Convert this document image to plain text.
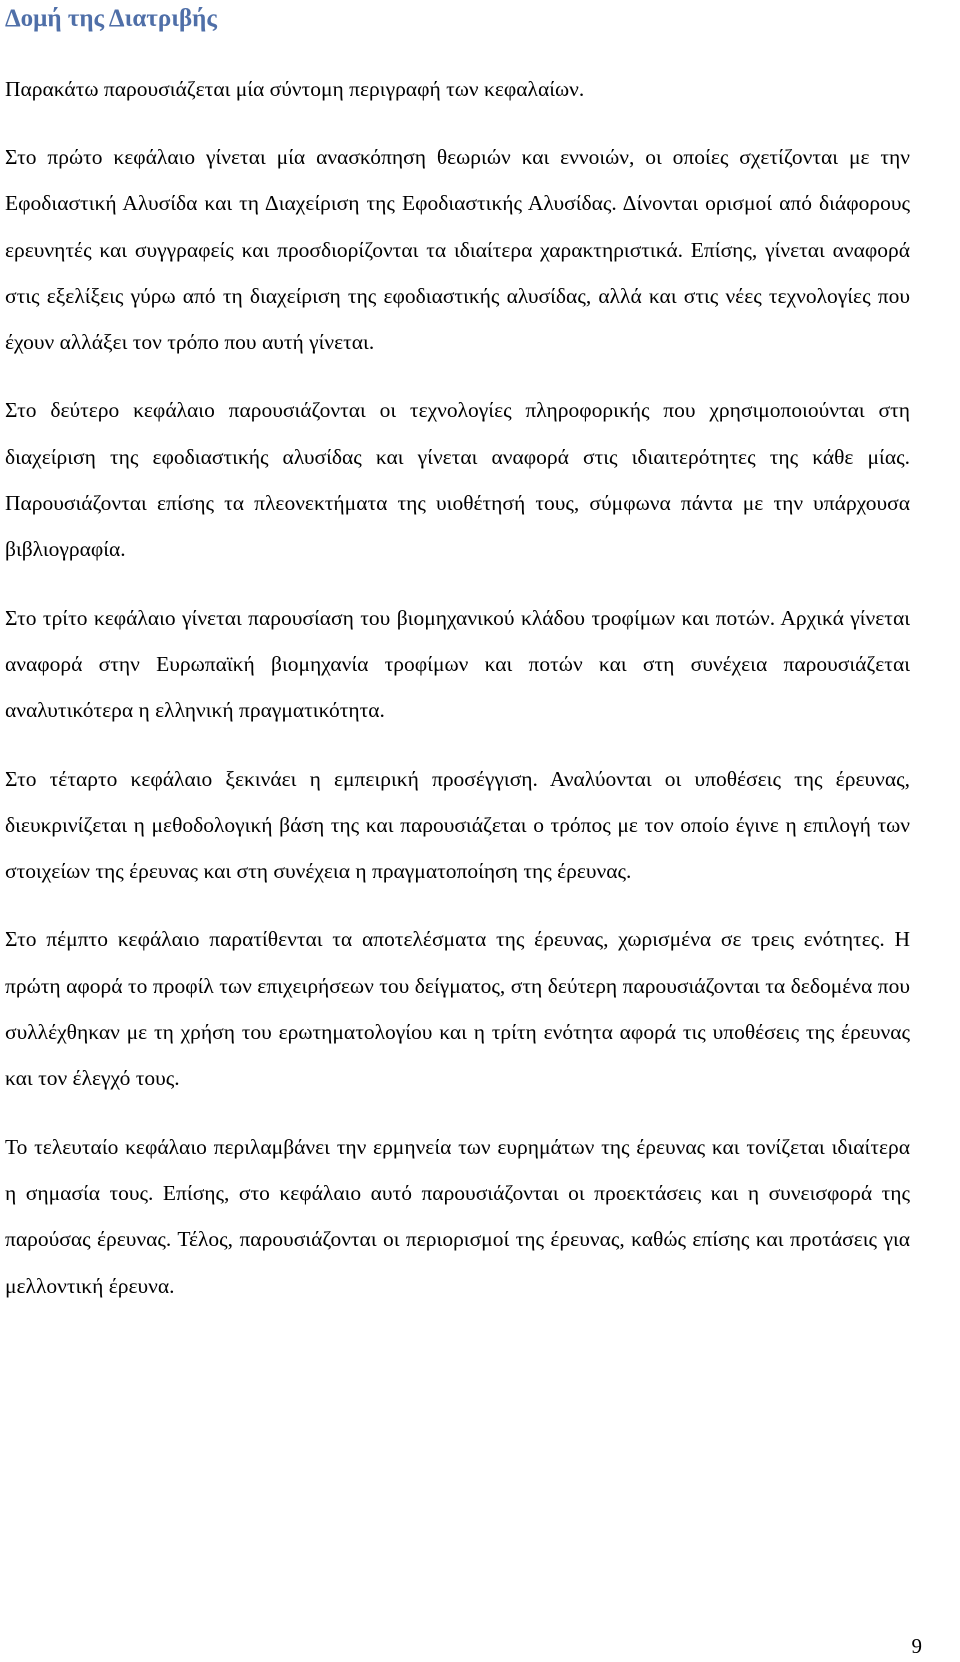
Δομή της Διατριβής

Παρακάτω παρουσιάζεται μία σύντομη περιγραφή των κεφαλαίων.

Στο πρώτο κεφάλαιο γίνεται μία ανασκόπηση θεωριών και εννοιών, οι οποίες σχετίζονται με την Εφοδιαστική Αλυσίδα και τη Διαχείριση της Εφοδιαστικής Αλυσίδας. Δίνονται ορισμοί από διάφορους ερευνητές και συγγραφείς και προσδιορίζονται τα ιδιαίτερα χαρακτηριστικά. Επίσης, γίνεται αναφορά στις εξελίξεις γύρω από τη διαχείριση της εφοδιαστικής αλυσίδας, αλλά και στις νέες τεχνολογίες που έχουν αλλάξει τον τρόπο που αυτή γίνεται.

Στο δεύτερο κεφάλαιο παρουσιάζονται οι τεχνολογίες πληροφορικής που χρησιμοποιούνται στη διαχείριση της εφοδιαστικής αλυσίδας και γίνεται αναφορά στις ιδιαιτερότητες της κάθε μίας. Παρουσιάζονται επίσης τα πλεονεκτήματα της υιοθέτησή τους, σύμφωνα πάντα με την υπάρχουσα βιβλιογραφία.

Στο τρίτο κεφάλαιο γίνεται παρουσίαση του βιομηχανικού κλάδου τροφίμων και ποτών. Αρχικά γίνεται αναφορά στην Ευρωπαϊκή βιομηχανία τροφίμων και ποτών και στη συνέχεια παρουσιάζεται αναλυτικότερα η ελληνική πραγματικότητα.

Στο τέταρτο κεφάλαιο ξεκινάει η εμπειρική προσέγγιση. Αναλύονται οι υποθέσεις της έρευνας, διευκρινίζεται η μεθοδολογική βάση της και παρουσιάζεται ο τρόπος με τον οποίο έγινε η επιλογή των στοιχείων της έρευνας και στη συνέχεια η πραγματοποίηση της έρευνας.

Στο πέμπτο κεφάλαιο παρατίθενται τα αποτελέσματα της έρευνας, χωρισμένα σε τρεις ενότητες. Η πρώτη αφορά το προφίλ των επιχειρήσεων του δείγματος, στη δεύτερη παρουσιάζονται τα δεδομένα που συλλέχθηκαν με τη χρήση του ερωτηματολογίου και η τρίτη ενότητα αφορά τις υποθέσεις της έρευνας και τον έλεγχό τους.

Το τελευταίο κεφάλαιο περιλαμβάνει την ερμηνεία των ευρημάτων της έρευνας και τονίζεται ιδιαίτερα η σημασία τους. Επίσης, στο κεφάλαιο αυτό παρουσιάζονται οι προεκτάσεις και η συνεισφορά της παρούσας έρευνας. Τέλος, παρουσιάζονται οι περιορισμοί της έρευνας, καθώς επίσης και προτάσεις για μελλοντική έρευνα.

9
